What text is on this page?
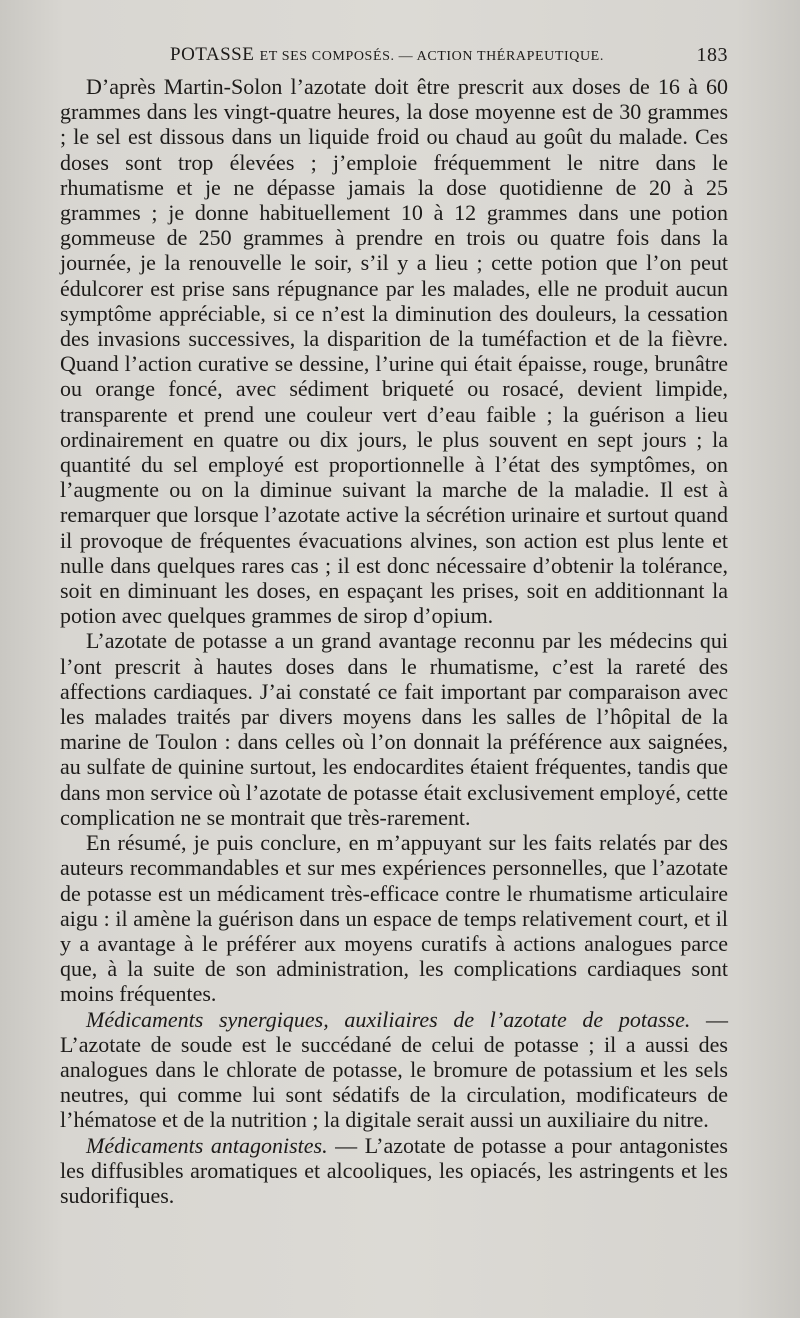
POTASSE ET SES COMPOSÉS. — ACTION THÉRAPEUTIQUE.	183

D’après Martin-Solon l’azotate doit être prescrit aux doses de 16 à 60 grammes dans les vingt-quatre heures, la dose moyenne est de 30 grammes ; le sel est dissous dans un liquide froid ou chaud au goût du malade. Ces doses sont trop élevées ; j’emploie fréquemment le nitre dans le rhumatisme et je ne dépasse jamais la dose quotidienne de 20 à 25 grammes ; je donne habituellement 10 à 12 grammes dans une potion gommeuse de 250 grammes à prendre en trois ou quatre fois dans la journée, je la renouvelle le soir, s’il y a lieu ; cette potion que l’on peut édulcorer est prise sans répugnance par les malades, elle ne produit aucun symptôme appréciable, si ce n’est la diminution des douleurs, la cessation des invasions successives, la disparition de la tuméfaction et de la fièvre. Quand l’action curative se dessine, l’urine qui était épaisse, rouge, brunâtre ou orange foncé, avec sédiment briqueté ou rosacé, devient limpide, transparente et prend une couleur vert d’eau faible ; la guérison a lieu ordinairement en quatre ou dix jours, le plus souvent en sept jours ; la quantité du sel employé est proportionnelle à l’état des symptômes, on l’augmente ou on la diminue suivant la marche de la maladie. Il est à remarquer que lorsque l’azotate active la sécrétion urinaire et surtout quand il provoque de fréquentes évacuations alvines, son action est plus lente et nulle dans quelques rares cas ; il est donc nécessaire d’obtenir la tolérance, soit en diminuant les doses, en espaçant les prises, soit en additionnant la potion avec quelques grammes de sirop d’opium.

L’azotate de potasse a un grand avantage reconnu par les médecins qui l’ont prescrit à hautes doses dans le rhumatisme, c’est la rareté des affections cardiaques. J’ai constaté ce fait important par comparaison avec les malades traités par divers moyens dans les salles de l’hôpital de la marine de Toulon : dans celles où l’on donnait la préférence aux saignées, au sulfate de quinine surtout, les endocardites étaient fréquentes, tandis que dans mon service où l’azotate de potasse était exclusivement employé, cette complication ne se montrait que très-rarement.

En résumé, je puis conclure, en m’appuyant sur les faits relatés par des auteurs recommandables et sur mes expériences personnelles, que l’azotate de potasse est un médicament très-efficace contre le rhumatisme articulaire aigu : il amène la guérison dans un espace de temps relativement court, et il y a avantage à le préférer aux moyens curatifs à actions analogues parce que, à la suite de son administration, les complications cardiaques sont moins fréquentes.

Médicaments synergiques, auxiliaires de l’azotate de potasse. — L’azotate de soude est le succédané de celui de potasse ; il a aussi des analogues dans le chlorate de potasse, le bromure de potassium et les sels neutres, qui comme lui sont sédatifs de la circulation, modificateurs de l’hématose et de la nutrition ; la digitale serait aussi un auxiliaire du nitre.

Médicaments antagonistes. — L’azotate de potasse a pour antagonistes les diffusibles aromatiques et alcooliques, les opiacés, les astringents et les sudorifiques.
